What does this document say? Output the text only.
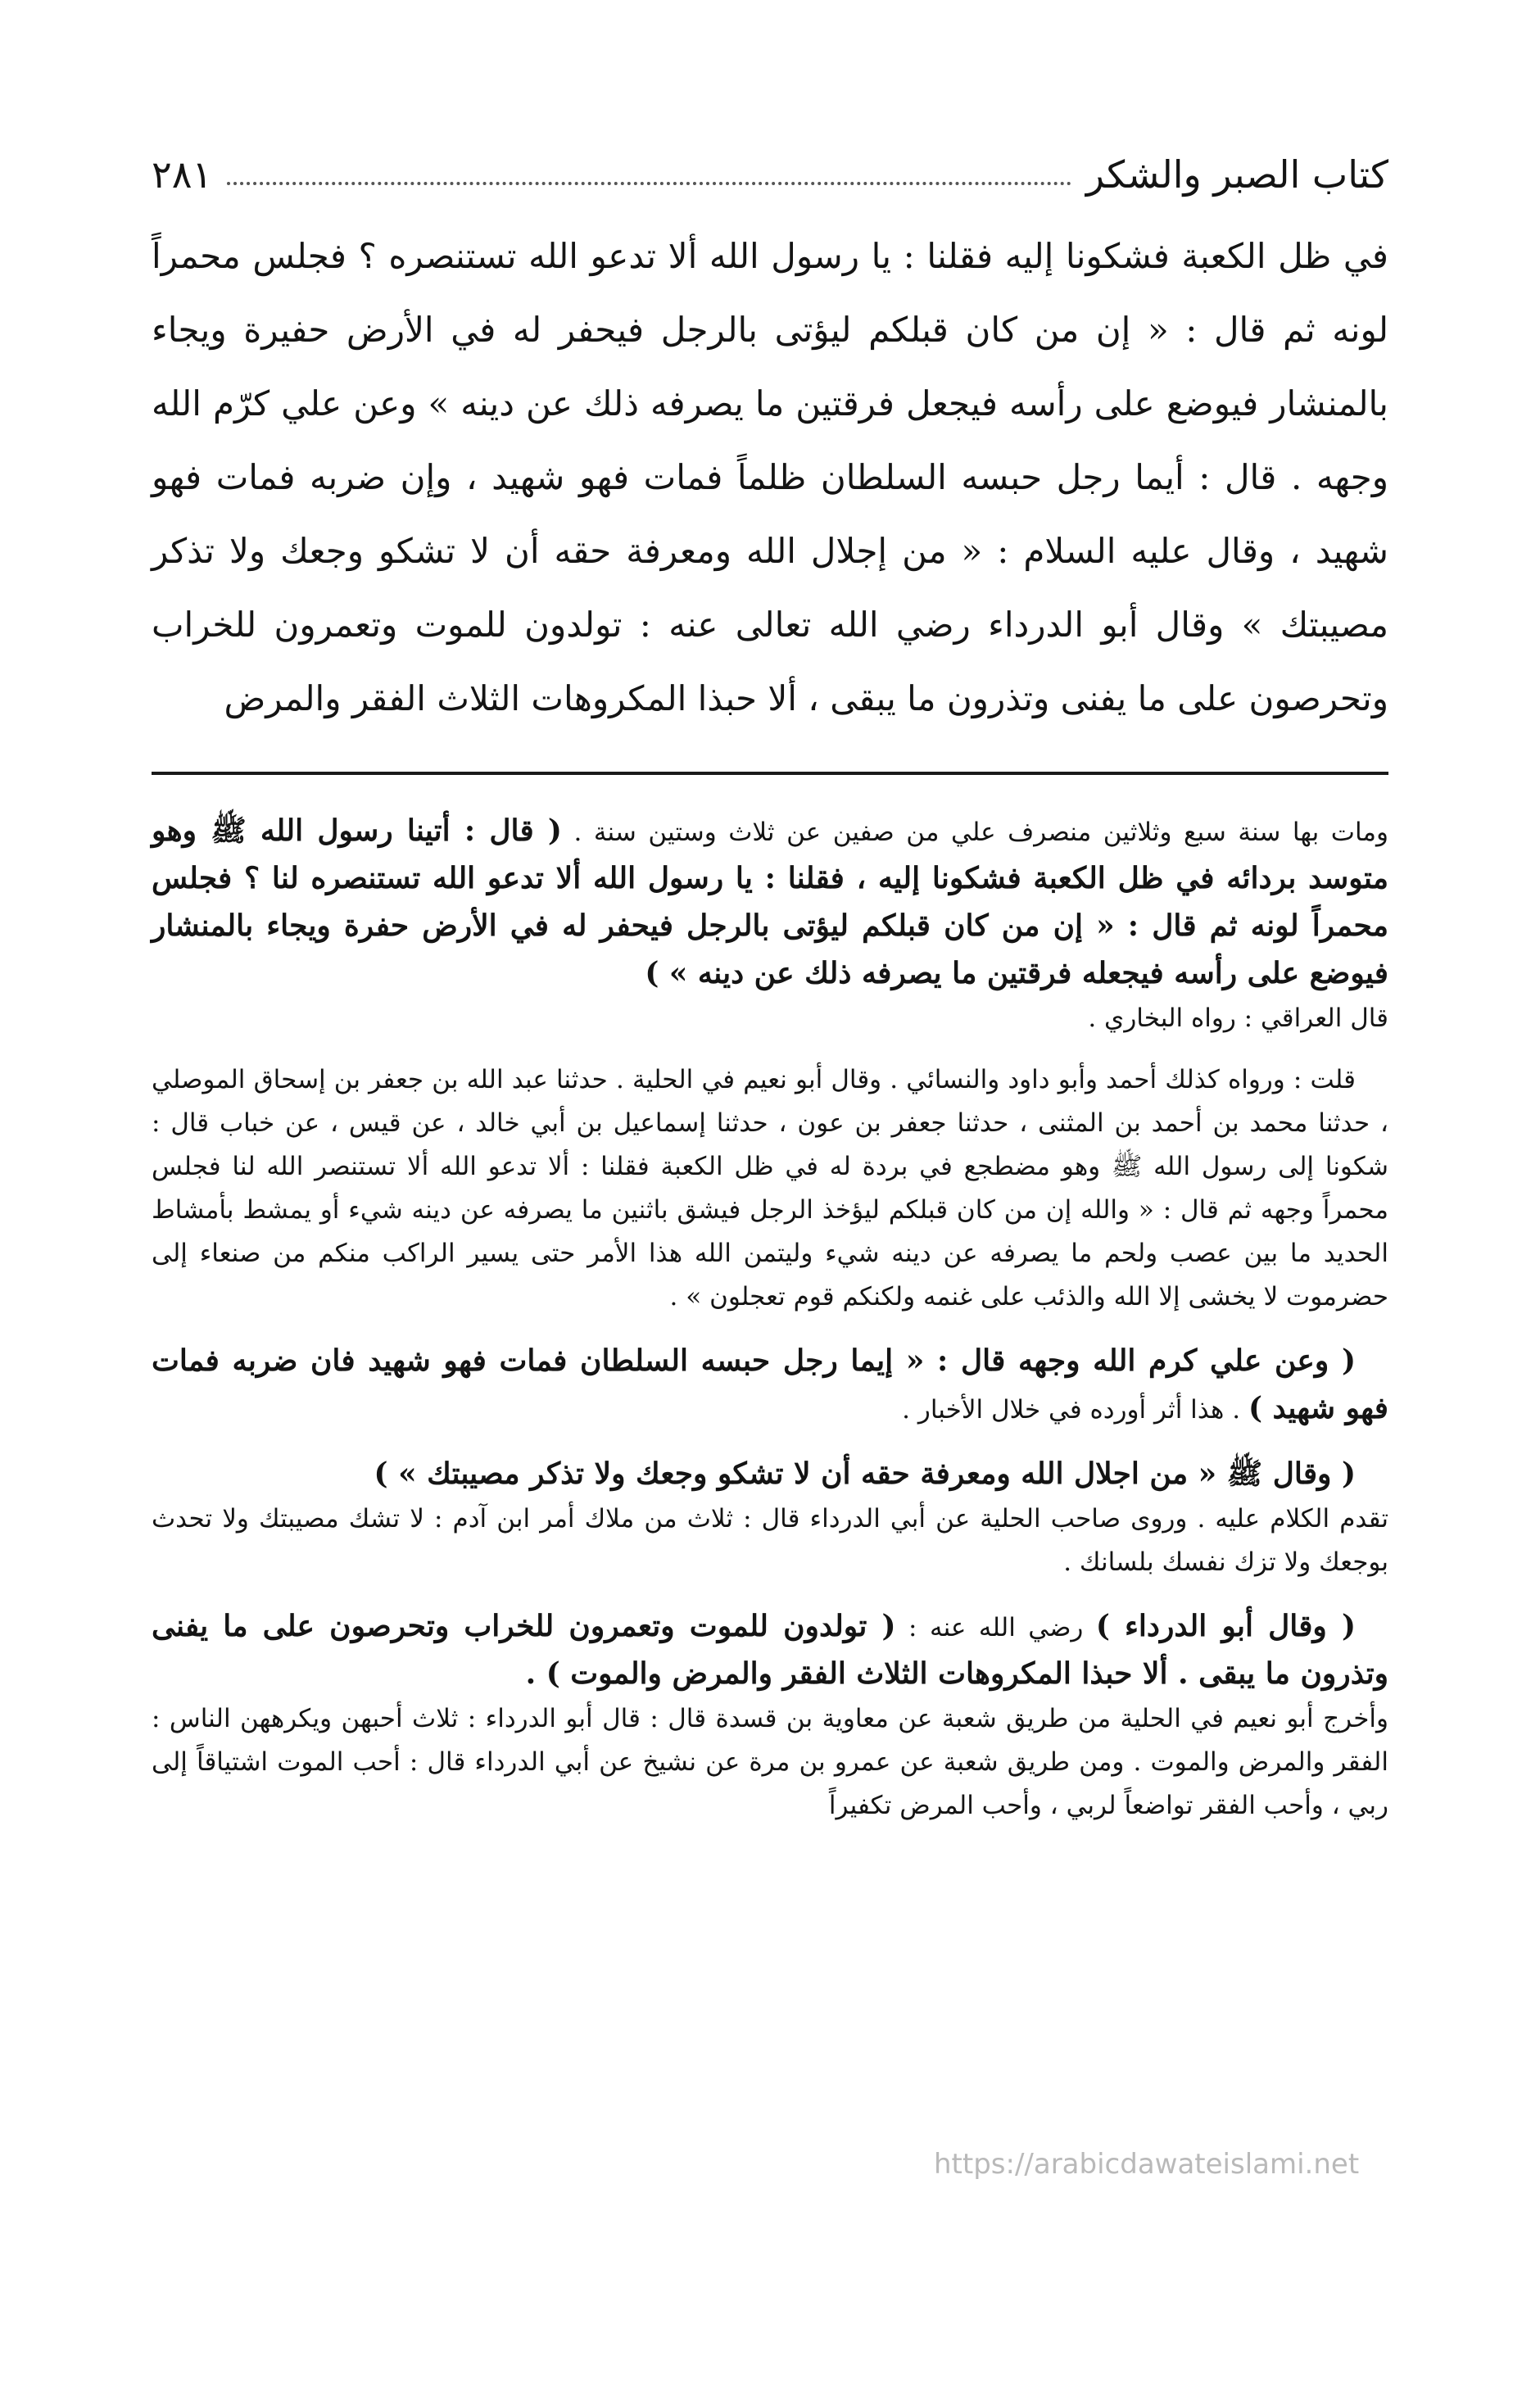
كتاب الصبر والشكر
٢٨١

في ظل الكعبة فشكونا إليه فقلنا : يا رسول الله ألا تدعو الله تستنصره ؟ فجلس محمراً لونه ثم قال : « إن من كان قبلكم ليؤتى بالرجل فيحفر له في الأرض حفيرة ويجاء بالمنشار فيوضع على رأسه فيجعل فرقتين ما يصرفه ذلك عن دينه » وعن علي كرّم الله وجهه . قال : أيما رجل حبسه السلطان ظلماً فمات فهو شهيد ، وإن ضربه فمات فهو شهيد ، وقال عليه السلام : « من إجلال الله ومعرفة حقه أن لا تشكو وجعك ولا تذكر مصيبتك » وقال أبو الدرداء رضي الله تعالى عنه : تولدون للموت وتعمرون للخراب وتحرصون على ما يفنى وتذرون ما يبقى ، ألا حبذا المكروهات الثلاث الفقر والمرض

ومات بها سنة سبع وثلاثين منصرف علي من صفين عن ثلاث وستين سنة . ( قال : أتينا رسول الله ﷺ وهو متوسد بردائه في ظل الكعبة فشكونا إليه ، فقلنا : يا رسول الله ألا تدعو الله تستنصره لنا ؟ فجلس محمراً لونه ثم قال : « إن من كان قبلكم ليؤتى بالرجل فيحفر له في الأرض حفرة ويجاء بالمنشار فيوضع على رأسه فيجعله فرقتين ما يصرفه ذلك عن دينه » )
قال العراقي : رواه البخاري .

قلت : ورواه كذلك أحمد وأبو داود والنسائي . وقال أبو نعيم في الحلية . حدثنا عبد الله بن جعفر بن إسحاق الموصلي ، حدثنا محمد بن أحمد بن المثنى ، حدثنا جعفر بن عون ، حدثنا إسماعيل بن أبي خالد ، عن قيس ، عن خباب قال : شكونا إلى رسول الله ﷺ وهو مضطجع في بردة له في ظل الكعبة فقلنا : ألا تدعو الله ألا تستنصر الله لنا فجلس محمراً وجهه ثم قال : « والله إن من كان قبلكم ليؤخذ الرجل فيشق باثنين ما يصرفه عن دينه شيء أو يمشط بأمشاط الحديد ما بين عصب ولحم ما يصرفه عن دينه شيء وليتمن الله هذا الأمر حتى يسير الراكب منكم من صنعاء إلى حضرموت لا يخشى إلا الله والذئب على غنمه ولكنكم قوم تعجلون » .

( وعن علي كرم الله وجهه قال : « إيما رجل حبسه السلطان فمات فهو شهيد فان ضربه فمات فهو شهيد ) . هذا أثر أورده في خلال الأخبار .

( وقال ﷺ « من اجلال الله ومعرفة حقه أن لا تشكو وجعك ولا تذكر مصيبتك » )
تقدم الكلام عليه . وروى صاحب الحلية عن أبي الدرداء قال : ثلاث من ملاك أمر ابن آدم : لا تشك مصيبتك ولا تحدث بوجعك ولا تزك نفسك بلسانك .

( وقال أبو الدرداء ) رضي الله عنه : ( تولدون للموت وتعمرون للخراب وتحرصون على ما يفنى وتذرون ما يبقى . ألا حبذا المكروهات الثلاث الفقر والمرض والموت ) .
وأخرج أبو نعيم في الحلية من طريق شعبة عن معاوية بن قسدة قال : قال أبو الدرداء : ثلاث أحبهن ويكرههن الناس : الفقر والمرض والموت . ومن طريق شعبة عن عمرو بن مرة عن نشيخ عن أبي الدرداء قال : أحب الموت اشتياقاً إلى ربي ، وأحب الفقر تواضعاً لربي ، وأحب المرض تكفيراً

https://arabicdawateislami.net
